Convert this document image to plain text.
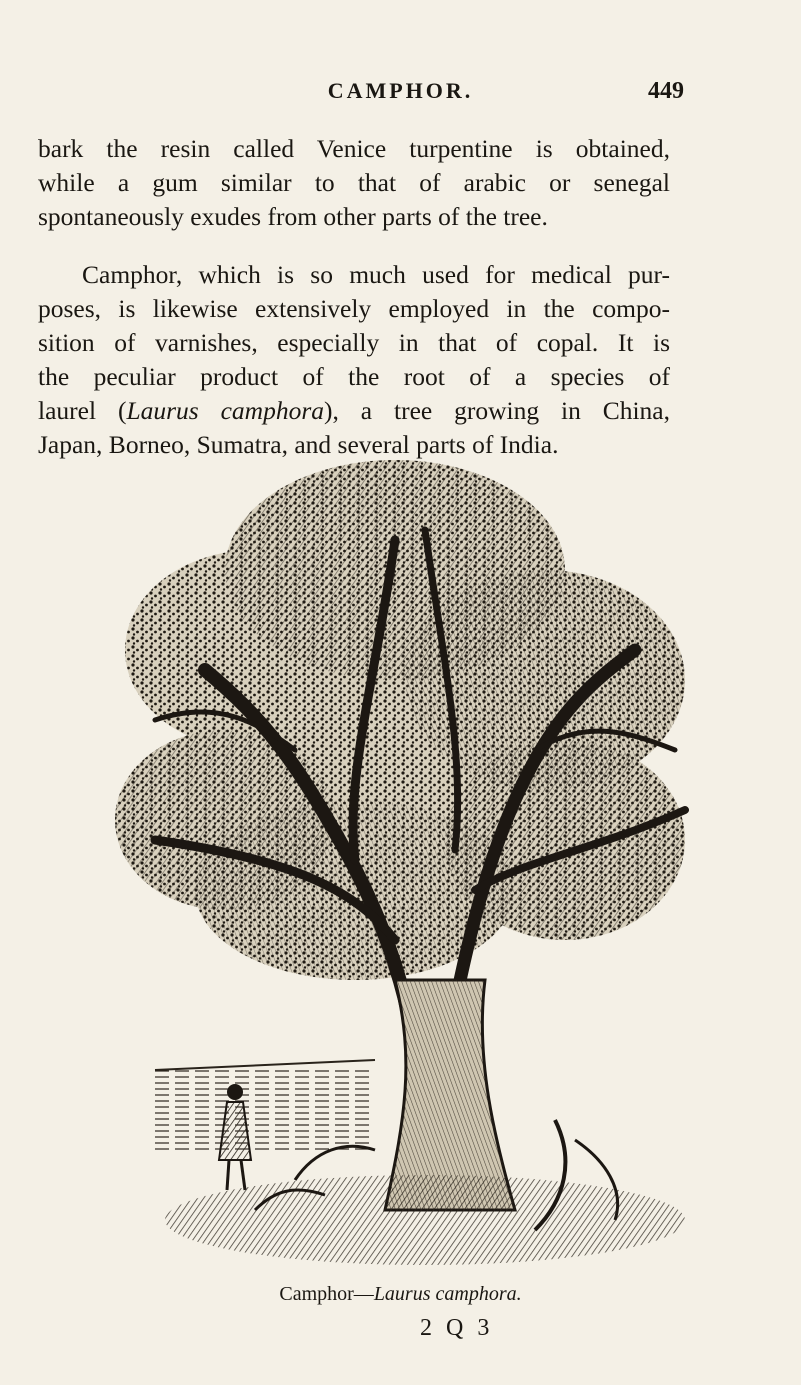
CAMPHOR.	449
bark the resin called Venice turpentine is obtained,
while a gum similar to that of arabic or senegal
spontaneously exudes from other parts of the tree.
Camphor, which is so much used for medical pur-
poses, is likewise extensively employed in the compo-
sition of varnishes, especially in that of copal. It is
the peculiar product of the root of a species of
laurel (Laurus camphora), a tree growing in China,
Japan, Borneo, Sumatra, and several parts of India.
Camphor—Laurus camphora.
2 Q 3
